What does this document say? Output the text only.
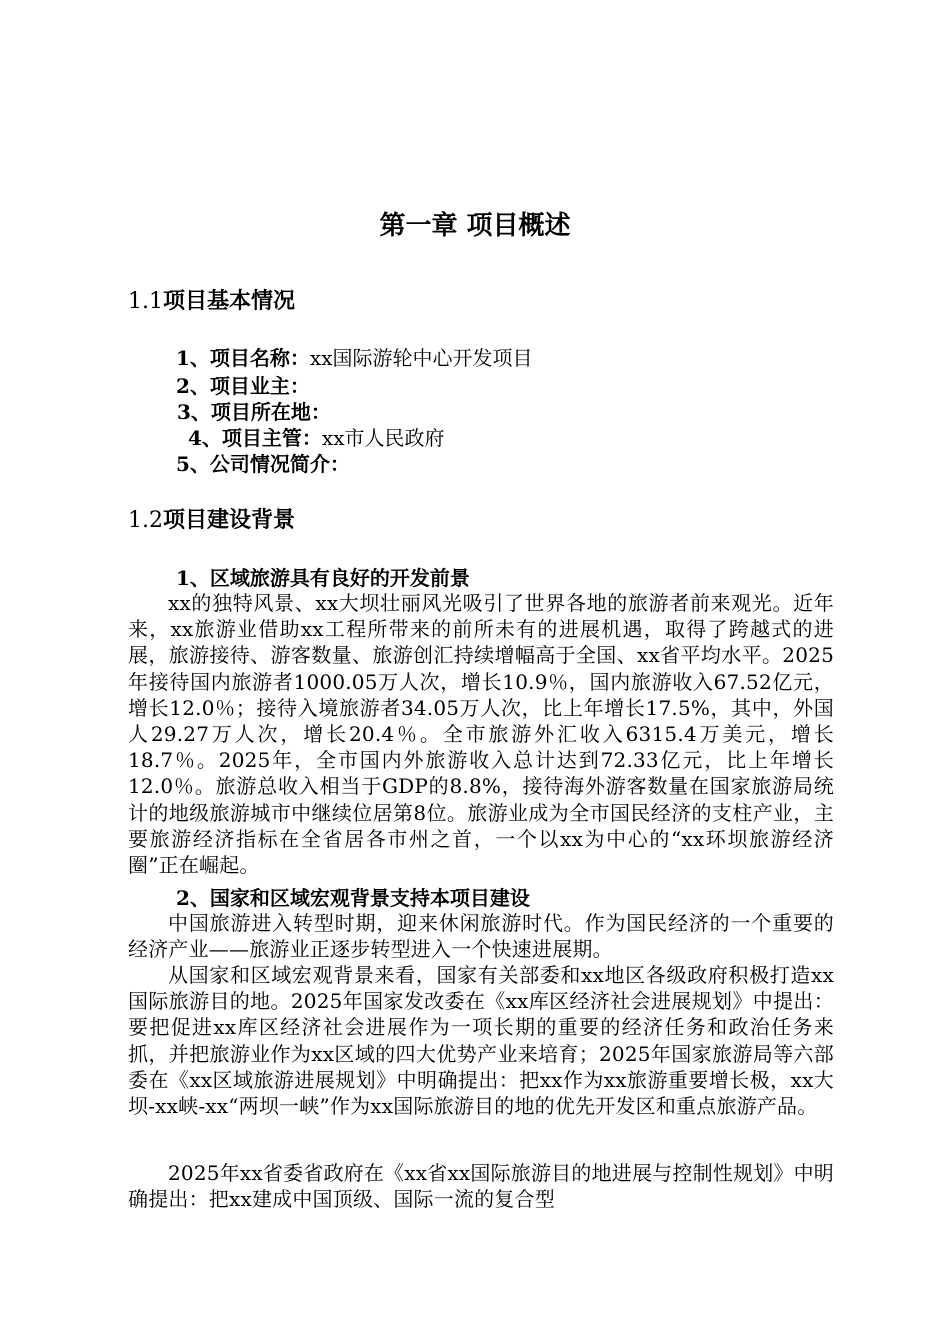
第一章 项目概述
1.1项目基本情况
1、项目名称：xx国际游轮中心开发项目
2、项目业主：
3、项目所在地：
4、项目主管：xx市人民政府
5、公司情况简介：
1.2项目建设背景
1、区域旅游具有良好的开发前景

xx的独特风景、xx大坝壮丽风光吸引了世界各地的旅游者前来观光。近年来，xx旅游业借助xx工程所带来的前所未有的进展机遇，取得了跨越式的进展，旅游接待、游客数量、旅游创汇持续增幅高于全国、xx省平均水平。2025年接待国内旅游者1000.05万人次，增长10.9％，国内旅游收入67.52亿元，增长12.0％；接待入境旅游者34.05万人次，比上年增长17.5%，其中，外国人29.27万人次，增长20.4％。全市旅游外汇收入6315.4万美元，增长18.7％。2025年，全市国内外旅游收入总计达到72.33亿元，比上年增长12.0％。旅游总收入相当于GDP的8.8%，接待海外游客数量在国家旅游局统计的地级旅游城市中继续位居第8位。旅游业成为全市国民经济的支柱产业，主要旅游经济指标在全省居各市州之首，一个以xx为中心的“xx环坝旅游经济圈”正在崛起。

2、国家和区域宏观背景支持本项目建设

中国旅游进入转型时期，迎来休闲旅游时代。作为国民经济的一个重要的经济产业——旅游业正逐步转型进入一个快速进展期。

从国家和区域宏观背景来看，国家有关部委和xx地区各级政府积极打造xx国际旅游目的地。2025年国家发改委在《xx库区经济社会进展规划》中提出：要把促进xx库区经济社会进展作为一项长期的重要的经济任务和政治任务来抓，并把旅游业作为xx区域的四大优势产业来培育；2025年国家旅游局等六部委在《xx区域旅游进展规划》中明确提出：把xx作为xx旅游重要增长极，xx大坝-xx峡-xx“两坝一峡”作为xx国际旅游目的地的优先开发区和重点旅游产品。

2025年xx省委省政府在《xx省xx国际旅游目的地进展与控制性规划》中明确提出：把xx建成中国顶级、国际一流的复合型
